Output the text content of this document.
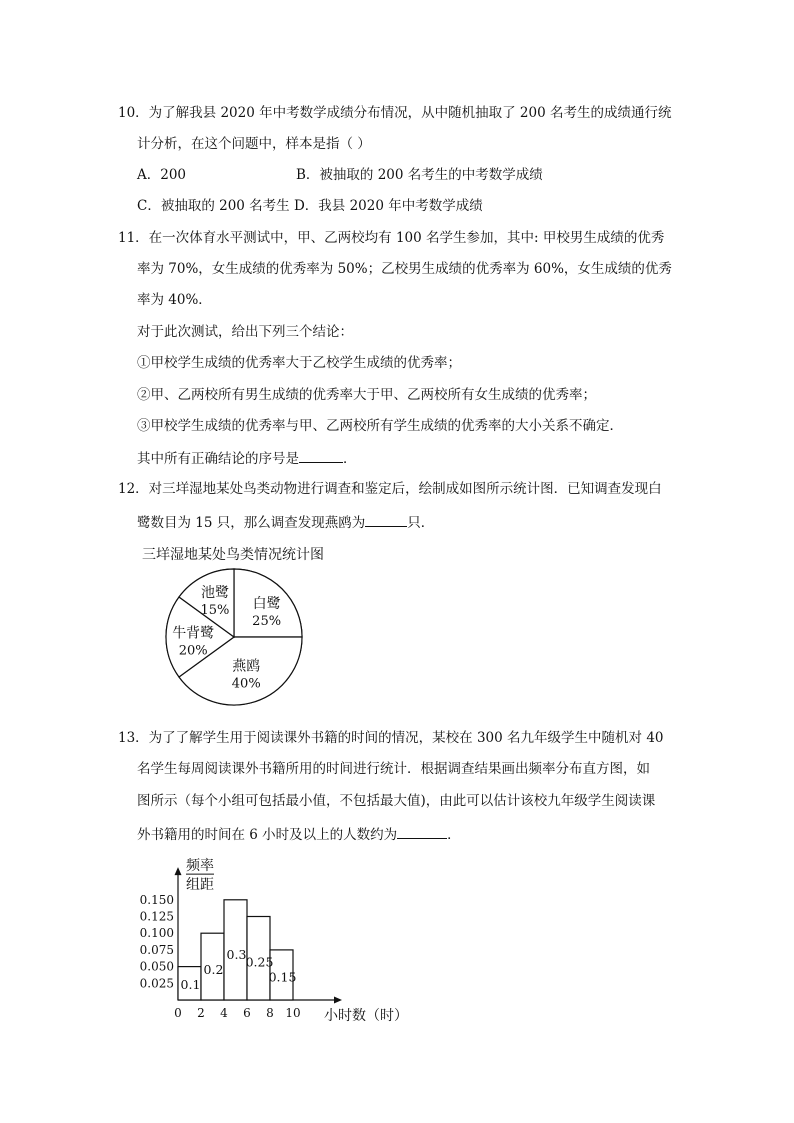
10．为了解我县 2020 年中考数学成绩分布情况，从中随机抽取了 200 名考生的成绩通行统
计分析，在这个问题中，样本是指（ ）
A．200	B．被抽取的 200 名考生的中考数学成绩
C．被抽取的 200 名考生 D．我县 2020 年中考数学成绩
11．在一次体育水平测试中，甲、乙两校均有 100 名学生参加，其中: 甲校男生成绩的优秀
率为 70%，女生成绩的优秀率为 50%；乙校男生成绩的优秀率为 60%，女生成绩的优秀
率为 40%．
对于此次测试，给出下列三个结论：
①甲校学生成绩的优秀率大于乙校学生成绩的优秀率；
②甲、乙两校所有男生成绩的优秀率大于甲、乙两校所有女生成绩的优秀率；
③甲校学生成绩的优秀率与甲、乙两校所有学生成绩的优秀率的大小关系不确定．
其中所有正确结论的序号是	．
12．对三垟湿地某处鸟类动物进行调查和鉴定后，绘制成如图所示统计图．已知调查发现白
鹭数目为 15 只，那么调查发现燕鸥为	只．
三垟湿地某处鸟类情况统计图
白鹭
25%
燕鸥
40%
牛背鹭
20%
池鹭
15%
13．为了了解学生用于阅读课外书籍的时间的情况，某校在 300 名九年级学生中随机对 40
名学生每周阅读课外书籍所用的时间进行统计．根据调查结果画出频率分布直方图，如
图所示（每个小组可包括最小值，不包括最大值)，由此可以估计该校九年级学生阅读课
外书籍用的时间在 6 小时及以上的人数约为	．
频率
组距
0.025
0.050
0.075
0.100
0.125
0.150
0 2 4 6 8 10 小时数（时）
0.1
0.2
0.3
0.25
0.15
